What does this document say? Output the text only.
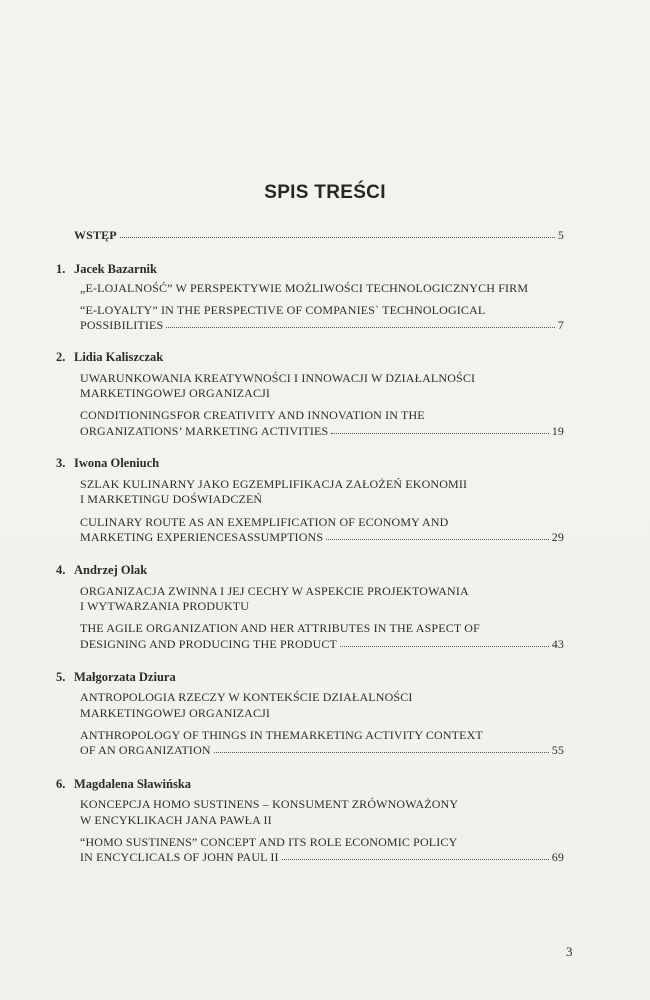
SPIS TREŚCI
WSTĘP	5
1. Jacek Bazarnik
„E-LOJALNOŚĆ” W PERSPEKTYWIE MOŻLIWOŚCI TECHNOLOGICZNYCH FIRM
“E-LOYALTY” IN THE PERSPECTIVE OF COMPANIES` TECHNOLOGICAL
POSSIBILITIES	7
2. Lidia Kaliszczak
UWARUNKOWANIA KREATYWNOŚCI I INNOWACJI W DZIAŁALNOŚCI
MARKETINGOWEJ ORGANIZACJI
CONDITIONINGSFOR CREATIVITY AND INNOVATION IN THE
ORGANIZATIONS’ MARKETING ACTIVITIES	19
3. Iwona Oleniuch
SZLAK KULINARNY JAKO EGZEMPLIFIKACJA ZAŁOŻEŃ EKONOMII
I MARKETINGU DOŚWIADCZEŃ
CULINARY ROUTE AS AN EXEMPLIFICATION OF ECONOMY AND
MARKETING EXPERIENCESASSUMPTIONS	29
4. Andrzej Olak
ORGANIZACJA ZWINNA I JEJ CECHY W ASPEKCIE PROJEKTOWANIA
I WYTWARZANIA PRODUKTU
THE AGILE ORGANIZATION AND HER ATTRIBUTES IN THE ASPECT OF
DESIGNING AND PRODUCING THE PRODUCT	43
5. Małgorzata Dziura
ANTROPOLOGIA RZECZY W KONTEKŚCIE DZIAŁALNOŚCI
MARKETINGOWEJ ORGANIZACJI
ANTHROPOLOGY OF THINGS IN THEMARKETING ACTIVITY CONTEXT
OF AN ORGANIZATION	55
6. Magdalena Sławińska
KONCEPCJA HOMO SUSTINENS – KONSUMENT ZRÓWNOWAŻONY
W ENCYKLIKACH JANA PAWŁA II
“HOMO SUSTINENS” CONCEPT AND ITS ROLE ECONOMIC POLICY
IN ENCYCLICALS OF JOHN PAUL II	69
3
